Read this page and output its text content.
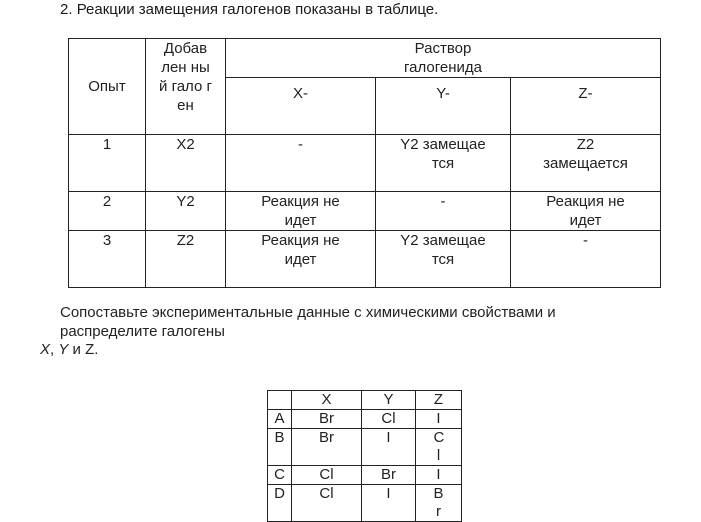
2. Реакции замещения галогенов показаны в таблице.
Опыт	Добав лен ный гало ген	Раствор галогенида		

		X-	Y-	Z-
1	X2	-	Y2 замещается	Z2 замещается

2	Y2	Реакция не идет	-	Реакция не идет

3	Z2	Реакция не идет	Y2 замещается	-
Сопоставьте экспериментальные данные с химическими свойствами и распределите галогены
X, Y и Z.
	X	Y	Z
A	Br	Cl	I
B	Br	I	Cl

C	Cl	Br	I
D	Cl	I	Br
